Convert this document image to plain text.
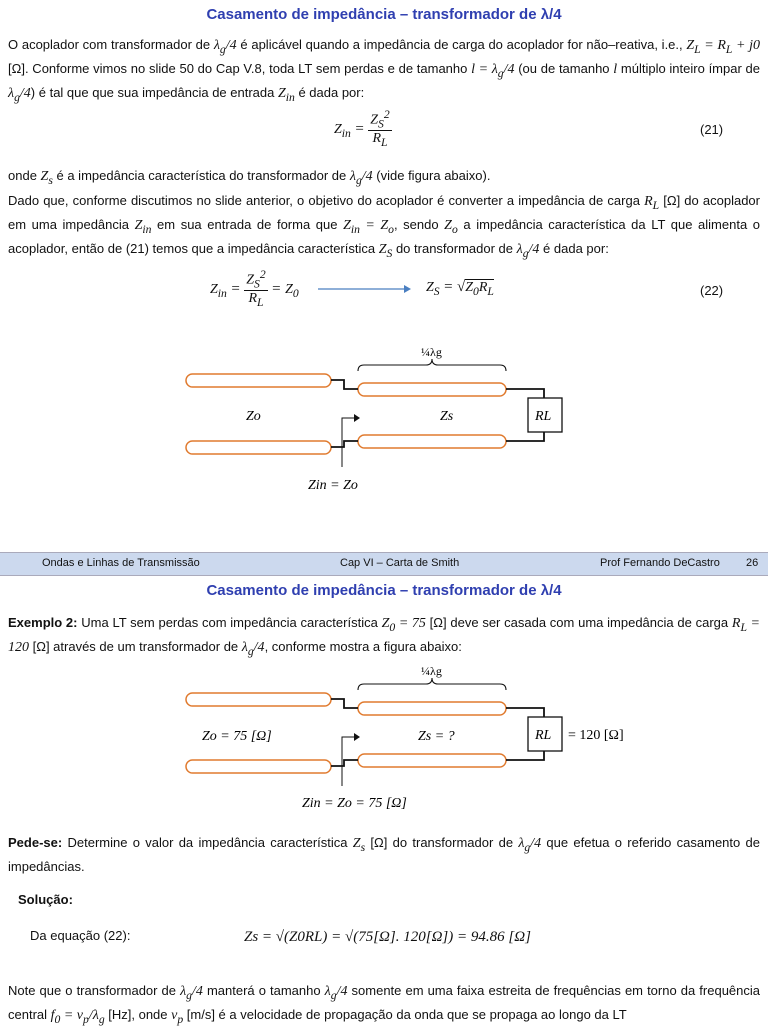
Casamento de impedância – transformador de λ/4
O acoplador com transformador de $\lambda_g/4$ é aplicável quando a impedância de carga do acoplador for não–reativa, i.e., $Z_L = R_L + j0$ [Ω]. Conforme vimos no slide 50 do Cap V.8, toda LT sem perdas e de tamanho $l = \lambda_g/4$ (ou de tamanho l múltiplo inteiro ímpar de $\lambda_g/4$) é tal que que sua impedância de entrada $Z_{in}$ é dada por:
$Z_{in} = \frac{Z_S^2}{R_L}$	(21)
onde $Z_s$ é a impedância característica do transformador de $\lambda_g/4$ (vide figura abaixo).
Dado que, conforme discutimos no slide anterior, o objetivo do acoplador é converter a impedância de carga $R_L$ [Ω] do acoplador em uma impedância $Z_{in}$ em sua entrada de forma que $Z_{in} = Z_o$, sendo $Z_o$ a impedância característica da LT que alimenta o acoplador, então de (21) temos que a impedância característica $Z_S$ do transformador de $\lambda_g/4$ é dada por:
$Z_{in} = \frac{Z_S^2}{R_L} = Z_0$	$Z_S = √Z_0R_L$	(22)
¼λg
Zo	Zs	RL
Zin = Zo
Ondas e Linhas de Transmissão	Cap VI – Carta de Smith	Prof Fernando DeCastro 26
Casamento de impedância – transformador de λ/4
Exemplo 2: Uma LT sem perdas com impedância característica $Z_0 = 75$ [Ω] deve ser casada com uma impedância de carga $R_L = 120$ [Ω] através de um transformador de $\lambda_g/4$, conforme mostra a figura abaixo:
¼λg
Zo = 75 [Ω]	Zs = ?	RL = 120 [Ω]
Zin = Zo = 75 [Ω]
Pede-se: Determine o valor da impedância característica $Z_s$ [Ω] do transformador de $\lambda_g/4$ que efetua o referido casamento de impedâncias.
Solução:
Da equação (22):	Zs = √(Z0RL) = √(75[Ω]. 120[Ω]) = 94.86 [Ω]
Note que o transformador de $\lambda_g/4$ manterá o tamanho $\lambda_g/4$ somente em uma faixa estreita de frequências em torno da frequência central $f_0 = v_p/\lambda_g$ [Hz], onde $v_p$ [m/s] é a velocidade de propagação da onda que se propaga ao longo da LT
